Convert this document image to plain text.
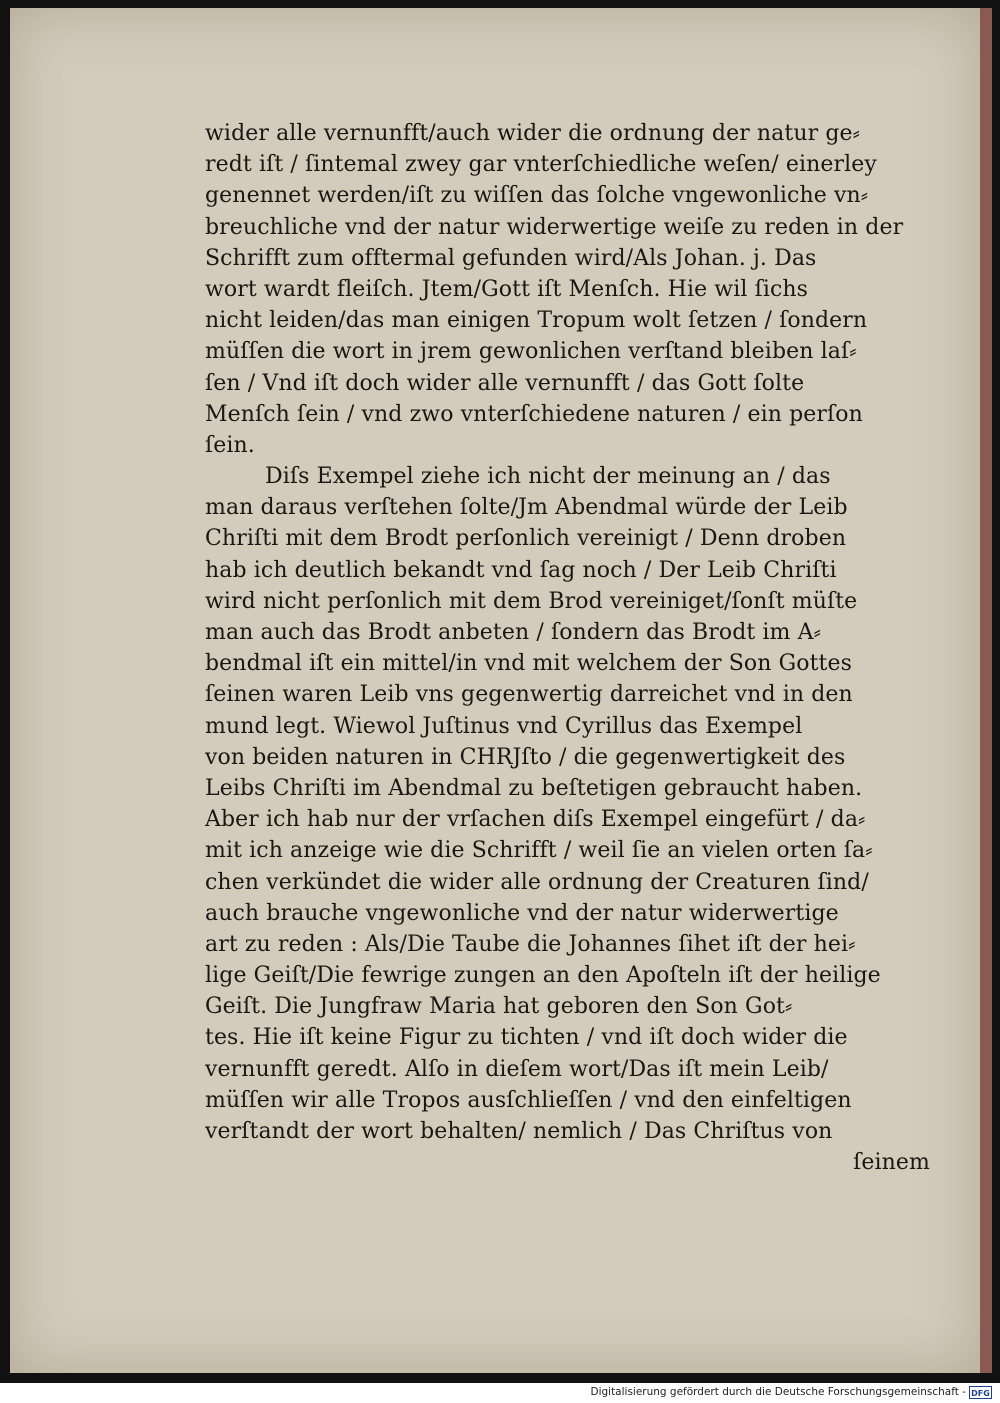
wider alle vernunfft/auch wider die ordnung der natur ge⸗
redt iſt / ſintemal zwey gar vnterſchiedliche weſen/ einerley
genennet werden/iſt zu wiſſen das ſolche vngewonliche vn⸗
breuchliche vnd der natur widerwertige weiſe zu reden in der
Schrifft zum offtermal gefunden wird/Als Johan. j. Das
wort wardt fleiſch. Jtem/Gott iſt Menſch. Hie wil ſichs
nicht leiden/das man einigen Tropum wolt ſetzen / ſondern
müſſen die wort in jrem gewonlichen verſtand bleiben laſ⸗
ſen / Vnd iſt doch wider alle vernunfft / das Gott ſolte
Menſch ſein / vnd zwo vnterſchiedene naturen / ein perſon
ſein.
Diſs Exempel ziehe ich nicht der meinung an / das
man daraus verſtehen ſolte/Jm Abendmal würde der Leib
Chriſti mit dem Brodt perſonlich vereinigt / Denn droben
hab ich deutlich bekandt vnd ſag noch / Der Leib Chriſti
wird nicht perſonlich mit dem Brod vereiniget/ſonſt müſte
man auch das Brodt anbeten / ſondern das Brodt im A⸗
bendmal iſt ein mittel/in vnd mit welchem der Son Gottes
ſeinen waren Leib vns gegenwertig darreichet vnd in den
mund legt. Wiewol Juſtinus vnd Cyrillus das Exempel
von beiden naturen in CHRJſto / die gegenwertigkeit des
Leibs Chriſti im Abendmal zu beſtetigen gebraucht haben.
Aber ich hab nur der vrſachen diſs Exempel eingefürt / da⸗
mit ich anzeige wie die Schrifft / weil ſie an vielen orten ſa⸗
chen verkündet die wider alle ordnung der Creaturen ſind/
auch brauche vngewonliche vnd der natur widerwertige
art zu reden : Als/Die Taube die Johannes ſihet iſt der hei⸗
lige Geiſt/Die fewrige zungen an den Apoſteln iſt der heilige
Geiſt. Die Jungfraw Maria hat geboren den Son Got⸗
tes. Hie iſt keine Figur zu tichten / vnd iſt doch wider die
vernunfft geredt. Alſo in dieſem wort/Das iſt mein Leib/
müſſen wir alle Tropos ausſchlieſſen / vnd den einfeltigen
verſtandt der wort behalten/ nemlich / Das Chriſtus von
ſeinem
Digitalisierung gefördert durch die Deutsche Forschungsgemeinschaft - DFG
